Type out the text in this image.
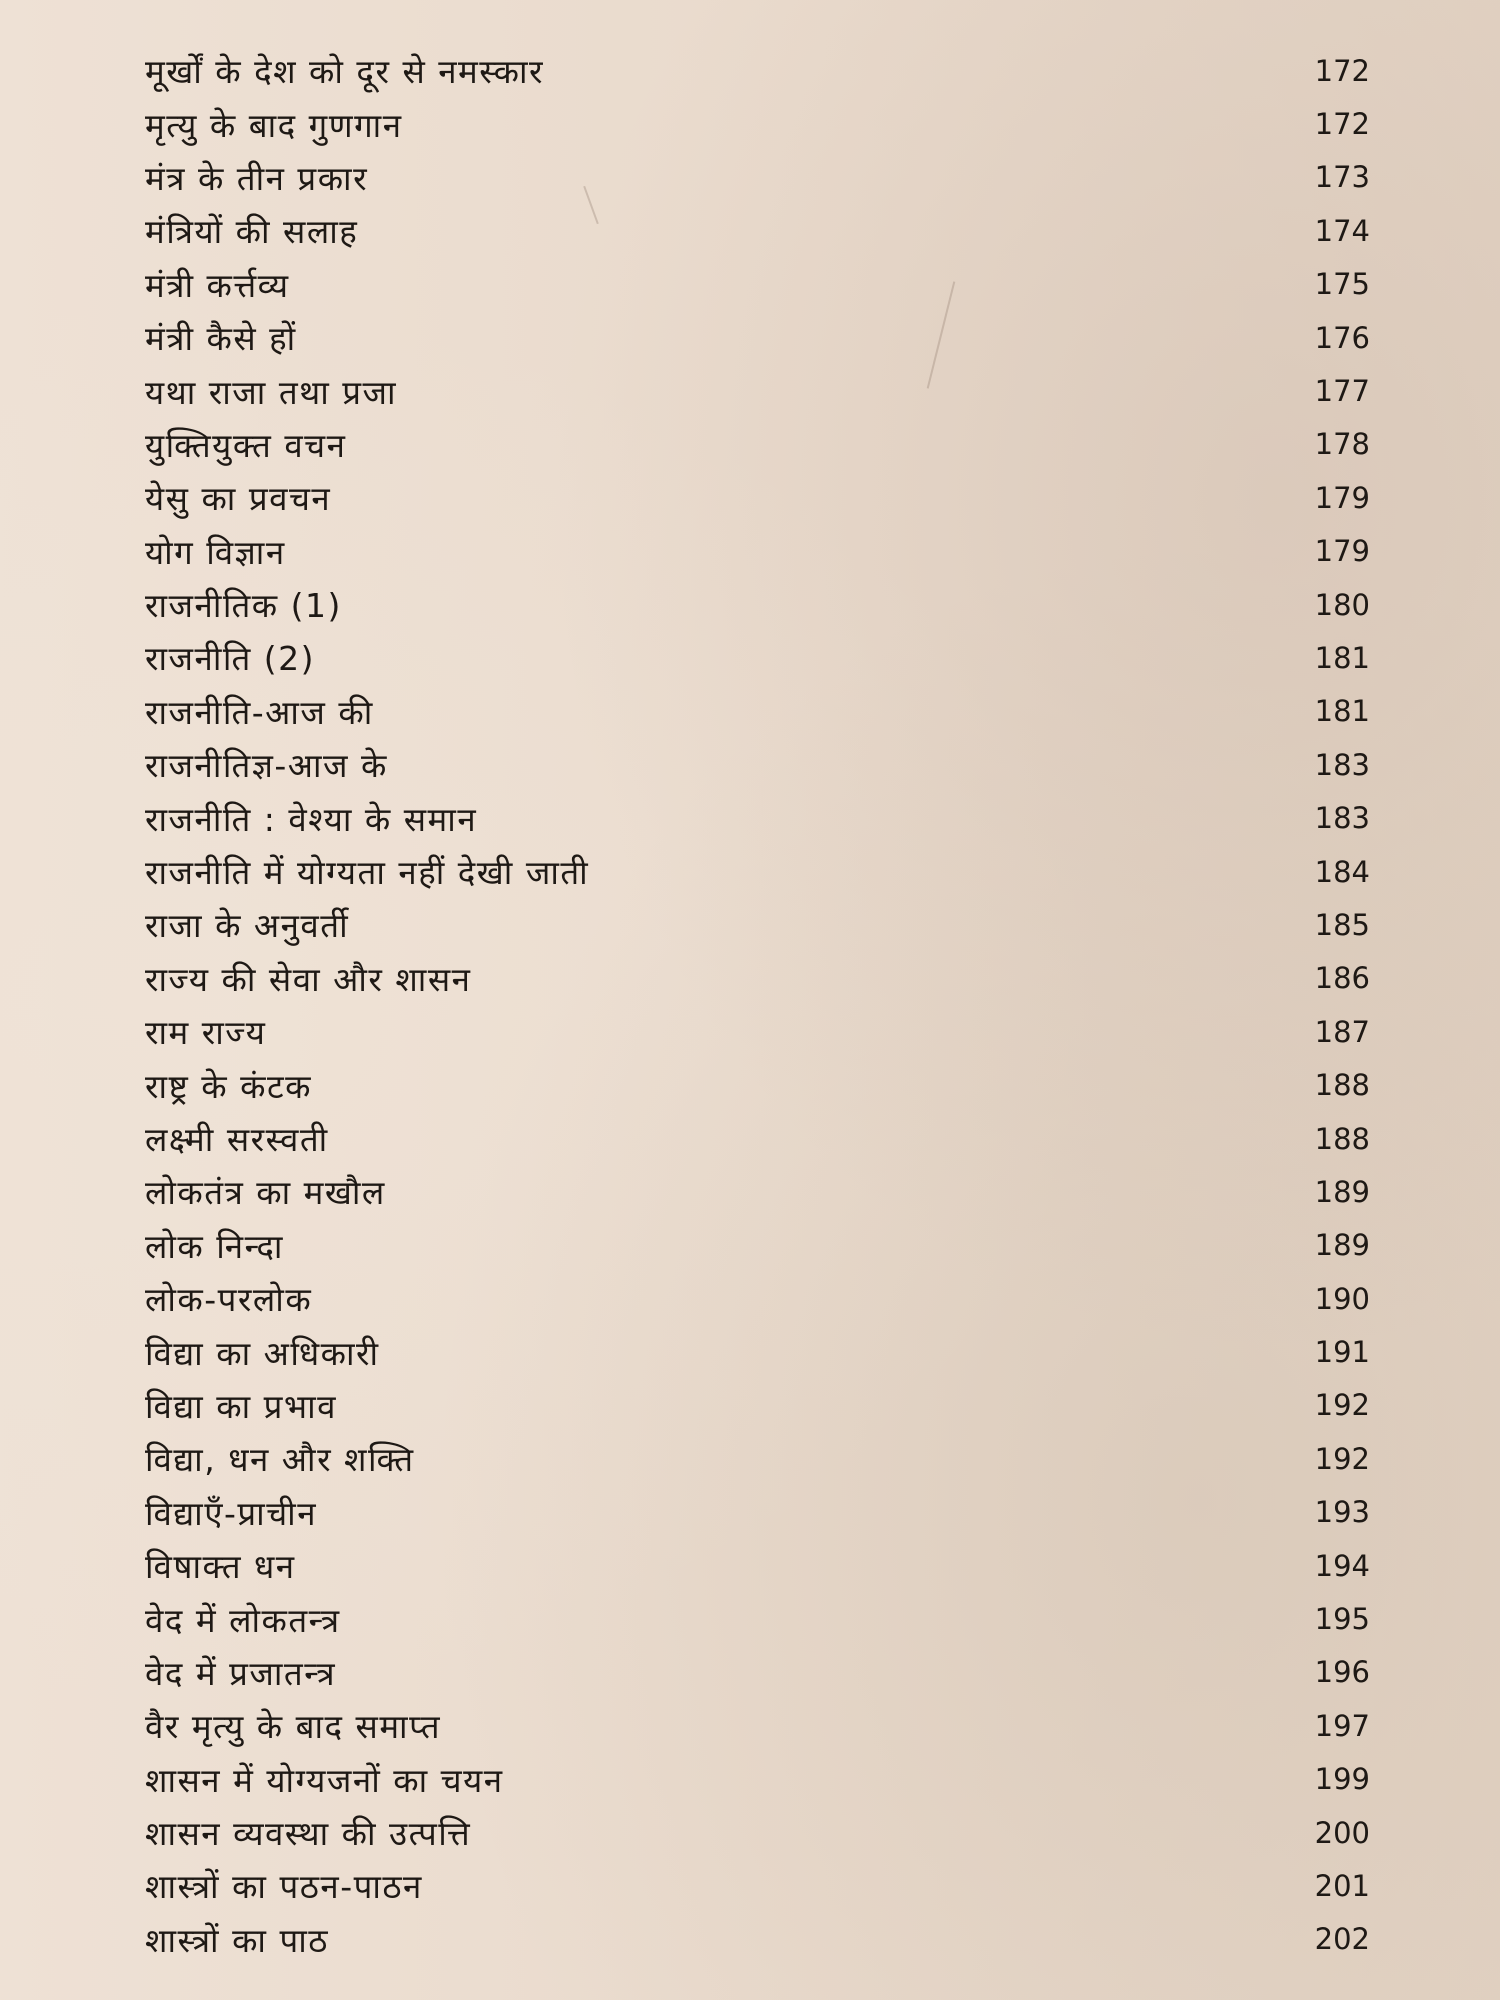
मूर्खों के देश को दूर से नमस्कार	172
मृत्यु के बाद गुणगान	172
मंत्र के तीन प्रकार	173
मंत्रियों की सलाह	174
मंत्री कर्त्तव्य	175
मंत्री कैसे हों	176
यथा राजा तथा प्रजा	177
युक्तियुक्त वचन	178
येसु का प्रवचन	179
योग विज्ञान	179
राजनीतिक (1)	180
राजनीति (2)	181
राजनीति-आज की	181
राजनीतिज्ञ-आज के	183
राजनीति : वेश्या के समान	183
राजनीति में योग्यता नहीं देखी जाती	184
राजा के अनुवर्ती	185
राज्य की सेवा और शासन	186
राम राज्य	187
राष्ट्र के कंटक	188
लक्ष्मी सरस्वती	188
लोकतंत्र का मखौल	189
लोक निन्दा	189
लोक-परलोक	190
विद्या का अधिकारी	191
विद्या का प्रभाव	192
विद्या, धन और शक्ति	192
विद्याएँ-प्राचीन	193
विषाक्त धन	194
वेद में लोकतन्त्र	195
वेद में प्रजातन्त्र	196
वैर मृत्यु के बाद समाप्त	197
शासन में योग्यजनों का चयन	199
शासन व्यवस्था की उत्पत्ति	200
शास्त्रों का पठन-पाठन	201
शास्त्रों का पाठ	202
